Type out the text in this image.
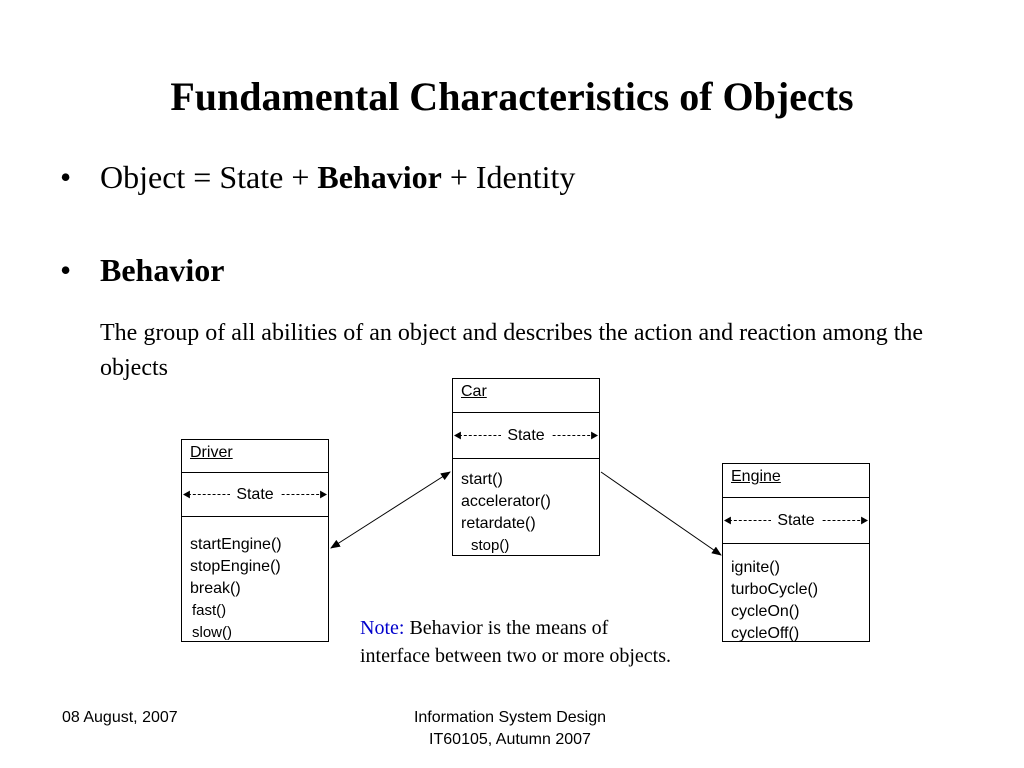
Fundamental Characteristics of Objects
• Object = State + Behavior + Identity
• Behavior
The group of all abilities of an object and describes the action and reaction among the objects
Car
State
start()
accelerator()
retardate()
stop()
Driver
State
startEngine()
stopEngine()
break()
fast()
slow()
Engine
State
ignite()
turboCycle()
cycleOn()
cycleOff()
Note: Behavior is the means of
interface between two or more objects.
08 August, 2007	Information System Design
IT60105, Autumn 2007
